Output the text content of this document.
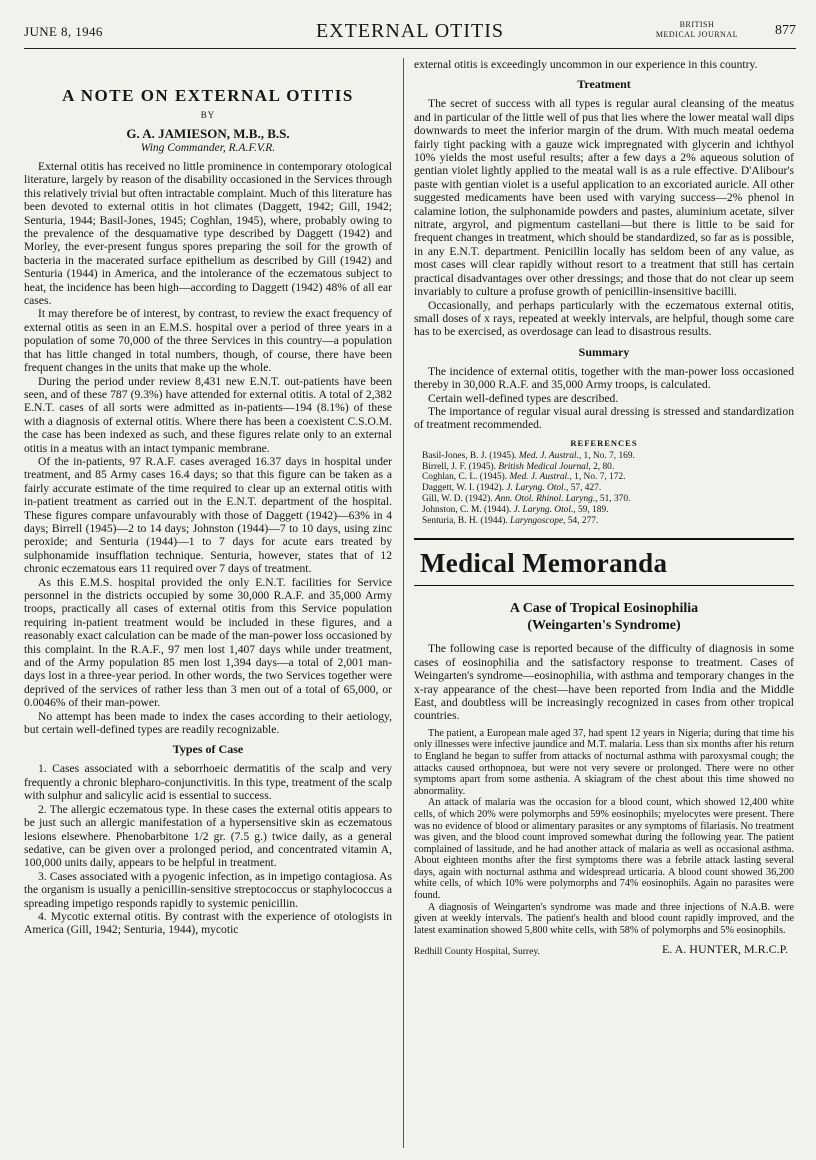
JUNE 8, 1946	EXTERNAL OTITIS	BRITISH
MEDICAL JOURNAL	877
A NOTE ON EXTERNAL OTITIS
BY

G. A. JAMIESON, M.B., B.S.

Wing Commander, R.A.F.V.R.

External otitis has received no little prominence in contemporary otological literature, largely by reason of the disability occasioned in the Services through this relatively trivial but often intractable complaint. Much of this literature has been devoted to external otitis in hot climates (Daggett, 1942; Gill, 1942; Senturia, 1944; Basil-Jones, 1945; Coghlan, 1945), where, probably owing to the prevalence of the desquamative type described by Daggett (1942) and Morley, the ever-present fungus spores preparing the soil for the growth of bacteria in the macerated surface epithelium as described by Gill (1942) and Senturia (1944) in America, and the intolerance of the eczematous subject to heat, the incidence has been high—according to Daggett (1942) 48% of all ear cases.

It may therefore be of interest, by contrast, to review the exact frequency of external otitis as seen in an E.M.S. hospital over a period of three years in a population of some 70,000 of the three Services in this country—a population that has little changed in total numbers, though, of course, there have been frequent changes in the units that make up the whole.

During the period under review 8,431 new E.N.T. out-patients have been seen, and of these 787 (9.3%) have attended for external otitis. A total of 2,382 E.N.T. cases of all sorts were admitted as in-patients—194 (8.1%) of these with a diagnosis of external otitis. Where there has been a coexistent C.S.O.M. the case has been indexed as such, and these figures relate only to an external otitis in a meatus with an intact tympanic membrane.

Of the in-patients, 97 R.A.F. cases averaged 16.37 days in hospital under treatment, and 85 Army cases 16.4 days; so that this figure can be taken as a fairly accurate estimate of the time required to clear up an external otitis with in-patient treatment as carried out in the E.N.T. department of the hospital. These figures compare unfavourably with those of Daggett (1942)—63% in 4 days; Birrell (1945)—2 to 14 days; Johnston (1944)—7 to 10 days, using zinc peroxide; and Senturia (1944)—1 to 7 days for acute ears treated by sulphonamide insufflation technique. Senturia, however, states that of 12 chronic eczematous ears 11 required over 7 days of treatment.

As this E.M.S. hospital provided the only E.N.T. facilities for Service personnel in the districts occupied by some 30,000 R.A.F. and 35,000 Army troops, practically all cases of external otitis from this Service population requiring in-patient treatment would be included in these figures, and a reasonably exact calculation can be made of the man-power loss occasioned by this complaint. In the R.A.F., 97 men lost 1,407 days while under treatment, and of the Army population 85 men lost 1,394 days—a total of 2,001 man-days lost in a three-year period. In other words, the two Services together were deprived of the services of rather less than 3 men out of a total of 65,000, or 0.0046% of their man-power.

No attempt has been made to index the cases according to their aetiology, but certain well-defined types are readily recognizable.

Types of Case

1. Cases associated with a seborrhoeic dermatitis of the scalp and very frequently a chronic blepharo-conjunctivitis. In this type, treatment of the scalp with sulphur and salicylic acid is essential to success.

2. The allergic eczematous type. In these cases the external otitis appears to be just such an allergic manifestation of a hypersensitive skin as eczematous lesions elsewhere. Phenobarbitone 1/2 gr. (7.5 g.) twice daily, as a general sedative, can be given over a prolonged period, and concentrated vitamin A, 100,000 units daily, appears to be helpful in treatment.

3. Cases associated with a pyogenic infection, as in impetigo contagiosa. As the organism is usually a penicillin-sensitive streptococcus or staphylococcus a spreading impetigo responds rapidly to systemic penicillin.

4. Mycotic external otitis. By contrast with the experience of otologists in America (Gill, 1942; Senturia, 1944), mycotic

external otitis is exceedingly uncommon in our experience in this country.

Treatment

The secret of success with all types is regular aural cleansing of the meatus and in particular of the little well of pus that lies where the lower meatal wall dips downwards to meet the inferior margin of the drum. With much meatal oedema fairly tight packing with a gauze wick impregnated with glycerin and ichthyol 10% yields the most useful results; after a few days a 2% aqueous solution of gentian violet lightly applied to the meatal wall is as a rule effective. D'Alibour's paste with gentian violet is a useful application to an excoriated auricle. All other suggested medicaments have been used with varying success—2% phenol in calamine lotion, the sulphonamide powders and pastes, aluminium acetate, silver nitrate, argyrol, and pigmentum castellani—but there is little to be said for frequent changes in treatment, which should be standardized, so far as is possible, in any E.N.T. department. Penicillin locally has seldom been of any value, as most cases will clear rapidly without resort to a treatment that still has certain practical disadvantages over other dressings; and those that do not clear up seem invariably to culture a profuse growth of penicillin-insensitive bacilli.

Occasionally, and perhaps particularly with the eczematous external otitis, small doses of x rays, repeated at weekly intervals, are helpful, though some care has to be exercised, as overdosage can lead to disastrous results.

Summary

The incidence of external otitis, together with the man-power loss occasioned thereby in 30,000 R.A.F. and 35,000 Army troops, is calculated.

Certain well-defined types are described.

The importance of regular visual aural dressing is stressed and standardization of treatment recommended.

REFERENCES

Basil-Jones, B. J. (1945). Med. J. Austral., 1, No. 7, 169.

Birrell, J. F. (1945). British Medical Journal, 2, 80.

Coghlan, C. L. (1945). Med. J. Austral., 1, No. 7, 172.

Daggett, W. I. (1942). J. Laryng. Otol., 57, 427.

Gill, W. D. (1942). Ann. Otol. Rhinol. Laryng., 51, 370.

Johnston, C. M. (1944). J. Laryng. Otol., 59, 189.

Senturia, B. H. (1944). Laryngoscope, 54, 277.

Medical Memoranda
A Case of Tropical Eosinophilia
(Weingarten's Syndrome)

The following case is reported because of the difficulty of diagnosis in some cases of eosinophilia and the satisfactory response to treatment. Cases of Weingarten's syndrome—eosinophilia, with asthma and temporary changes in the x-ray appearance of the chest—have been reported from India and the Middle East, and doubtless will be increasingly recognized in cases from other tropical countries.

The patient, a European male aged 37, had spent 12 years in Nigeria; during that time his only illnesses were infective jaundice and M.T. malaria. Less than six months after his return to England he began to suffer from attacks of nocturnal asthma with paroxysmal cough; the attacks caused orthopnoea, but were not very severe or prolonged. There were no other symptoms apart from some asthenia. A skiagram of the chest about this time showed no abnormality.

An attack of malaria was the occasion for a blood count, which showed 12,400 white cells, of which 20% were polymorphs and 59% eosinophils; myelocytes were present. There was no evidence of blood or alimentary parasites or any symptoms of filariasis. No treatment was given, and the blood count improved somewhat during the following year. The patient complained of lassitude, and he had another attack of malaria as well as occasional asthma. About eighteen months after the first symptoms there was a febrile attack lasting several days, again with nocturnal asthma and widespread urticaria. A blood count showed 36,200 white cells, of which 10% were polymorphs and 74% eosinophils. Again no parasites were found.

A diagnosis of Weingarten's syndrome was made and three injections of N.A.B. were given at weekly intervals. The patient's health and blood count rapidly improved, and the latest examination showed 5,800 white cells, with 58% of polymorphs and 5% eosinophils.

Redhill County Hospital, Surrey.	E. A. HUNTER, M.R.C.P.
